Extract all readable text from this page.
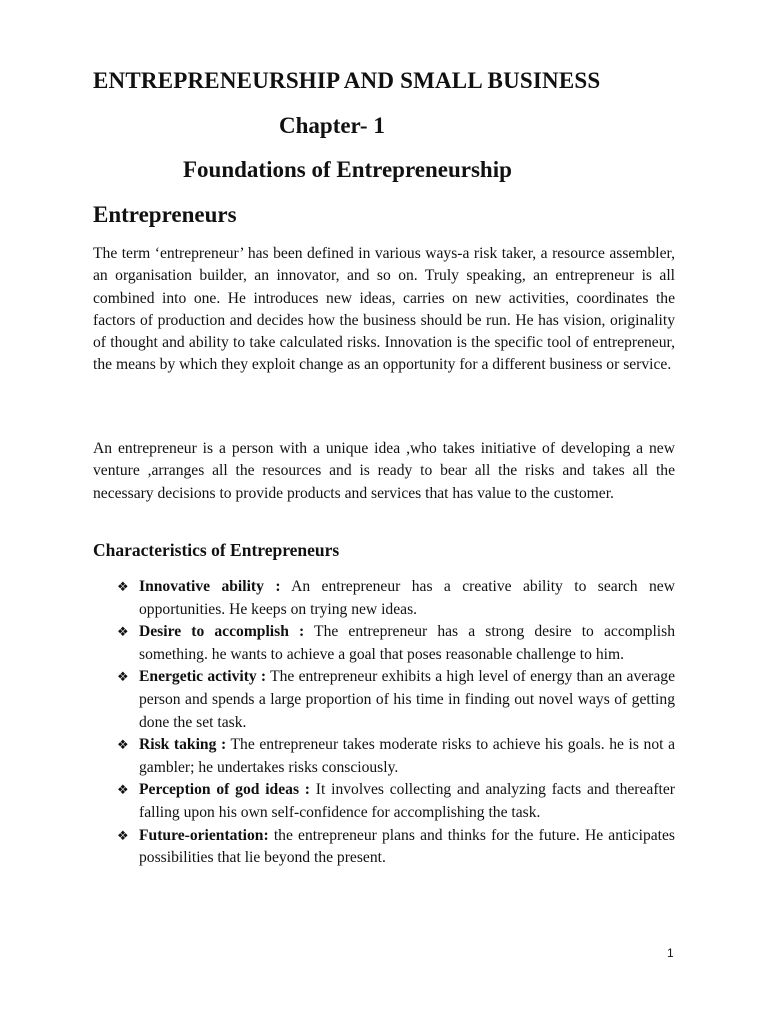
ENTREPRENEURSHIP AND SMALL BUSINESS
Chapter- 1
Foundations of Entrepreneurship
Entrepreneurs

The term ‘entrepreneur’ has been defined in various ways-a risk taker, a resource assembler, an organisation builder, an innovator, and so on. Truly speaking, an entrepreneur is all combined into one. He introduces new ideas, carries on new activities, coordinates the factors of production and decides how the business should be run. He has vision, originality of thought and ability to take calculated risks. Innovation is the specific tool of entrepreneur, the means by which they exploit change as an opportunity for a different business or service.

An entrepreneur is a person with a unique idea ,who takes initiative of developing a new venture ,arranges all the resources and is ready to bear all the risks and takes all the necessary decisions to provide products and services that has value to the customer.

Characteristics of Entrepreneurs
❖ Innovative ability : An entrepreneur has a creative ability to search new opportunities. He keeps on trying new ideas.
❖ Desire to accomplish : The entrepreneur has a strong desire to accomplish something. he wants to achieve a goal that poses reasonable challenge to him.
❖ Energetic activity : The entrepreneur exhibits a high level of energy than an average person and spends a large proportion of his time in finding out novel ways of getting done the set task.
❖ Risk taking : The entrepreneur takes moderate risks to achieve his goals. he is not a gambler; he undertakes risks consciously.
❖ Perception of god ideas : It involves collecting and analyzing facts and thereafter falling upon his own self-confidence for accomplishing the task.
❖ Future-orientation: the entrepreneur plans and thinks for the future. He anticipates possibilities that lie beyond the present.
1
